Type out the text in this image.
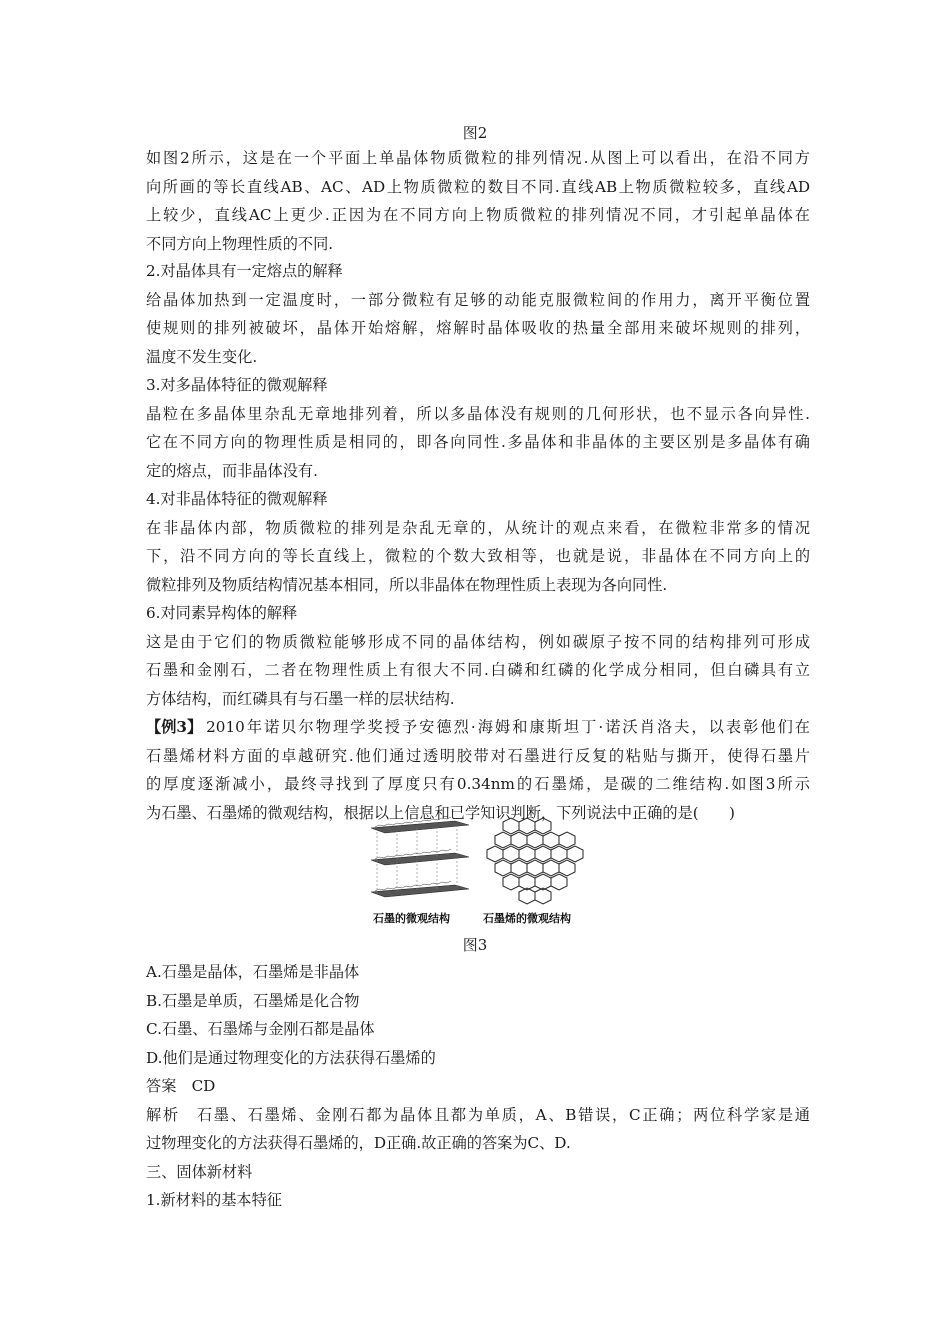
图2
如图2所示，这是在一个平面上单晶体物质微粒的排列情况.从图上可以看出，在沿不同方
向所画的等长直线AB、AC、AD上物质微粒的数目不同.直线AB上物质微粒较多，直线AD
上较少，直线AC上更少.正因为在不同方向上物质微粒的排列情况不同，才引起单晶体在
不同方向上物理性质的不同.
2.对晶体具有一定熔点的解释
给晶体加热到一定温度时，一部分微粒有足够的动能克服微粒间的作用力，离开平衡位置
使规则的排列被破坏，晶体开始熔解，熔解时晶体吸收的热量全部用来破坏规则的排列，
温度不发生变化.
3.对多晶体特征的微观解释
晶粒在多晶体里杂乱无章地排列着，所以多晶体没有规则的几何形状，也不显示各向异性.
它在不同方向的物理性质是相同的，即各向同性.多晶体和非晶体的主要区别是多晶体有确
定的熔点，而非晶体没有.
4.对非晶体特征的微观解释
在非晶体内部，物质微粒的排列是杂乱无章的，从统计的观点来看，在微粒非常多的情况
下，沿不同方向的等长直线上，微粒的个数大致相等，也就是说，非晶体在不同方向上的
微粒排列及物质结构情况基本相同，所以非晶体在物理性质上表现为各向同性.
6.对同素异构体的解释
这是由于它们的物质微粒能够形成不同的晶体结构，例如碳原子按不同的结构排列可形成
石墨和金刚石，二者在物理性质上有很大不同.白磷和红磷的化学成分相同，但白磷具有立
方体结构，而红磷具有与石墨一样的层状结构.
【例3】 2010年诺贝尔物理学奖授予安德烈·海姆和康斯坦丁·诺沃肖洛夫，以表彰他们在
石墨烯材料方面的卓越研究.他们通过透明胶带对石墨进行反复的粘贴与撕开，使得石墨片
的厚度逐渐减小，最终寻找到了厚度只有0.34nm的石墨烯，是碳的二维结构.如图3所示
为石墨、石墨烯的微观结构，根据以上信息和已学知识判断，下列说法中正确的是(　　)
石墨的微观结构	石墨烯的微观结构
图3
A.石墨是晶体，石墨烯是非晶体
B.石墨是单质，石墨烯是化合物
C.石墨、石墨烯与金刚石都是晶体
D.他们是通过物理变化的方法获得石墨烯的
答案　CD
解析　石墨、石墨烯、金刚石都为晶体且都为单质，A、B错误，C正确；两位科学家是通
过物理变化的方法获得石墨烯的，D正确.故正确的答案为C、D.
三、固体新材料
1.新材料的基本特征
